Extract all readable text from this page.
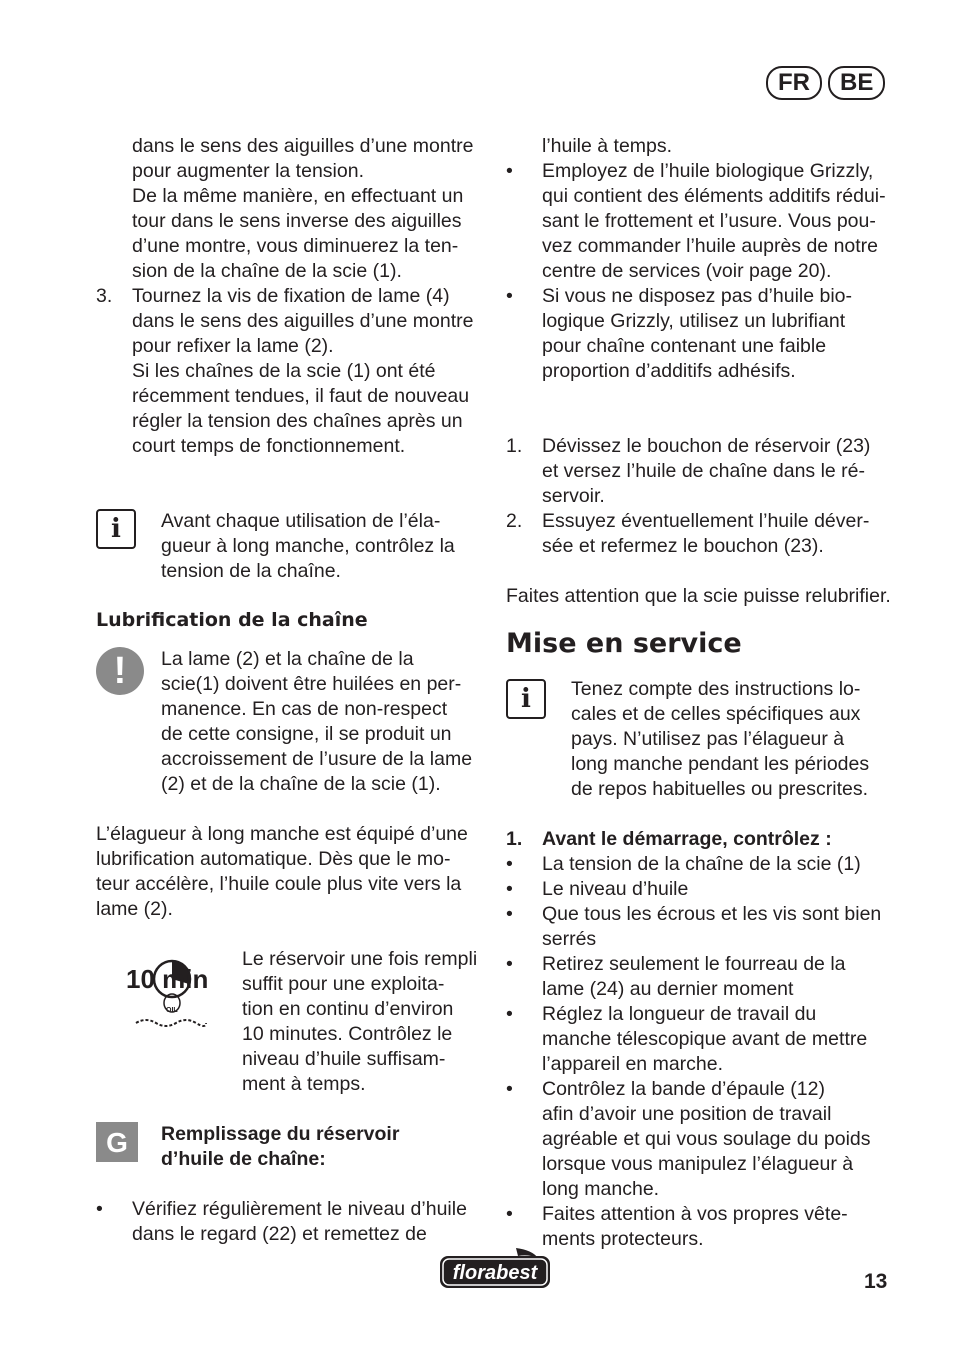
FR	BE
dans le sens des aiguilles d’une montre
pour augmenter la tension.
De la même manière, en effectuant un
tour dans le sens inverse des aiguilles
d’une montre, vous diminuerez la ten-
sion de la chaîne de la scie (1).
3.	Tournez la vis de fixation de lame (4)
dans le sens des aiguilles d’une montre
pour refixer la lame (2).
Si les chaînes de la scie (1) ont été
récemment tendues, il faut de nouveau
régler la tension des chaînes après un
court temps de fonctionnement.
i	Avant chaque utilisation de l’éla-
gueur à long manche, contrôlez la
tension de la chaîne.
Lubrification de la chaîne
!	La lame (2) et la chaîne de la
scie(1) doivent être huilées en per-
manence. En cas de non-respect
de cette consigne, il se produit un
accroissement de l’usure de la lame
(2) et de la chaîne de la scie (1).
L’élagueur à long manche est équipé d’une
lubrification automatique. Dès que le mo-
teur accélère, l’huile coule plus vite vers la
lame (2).
10 min
OIL
Le réservoir une fois rempli
suffit pour une exploita-
tion en continu d’environ
10 minutes. Contrôlez le
niveau d’huile suffisam-
ment à temps.
G	Remplissage du réservoir
d’huile de chaîne:
•	Vérifiez régulièrement le niveau d’huile
dans le regard (22) et remettez de
l’huile à temps.
•	Employez de l’huile biologique Grizzly,
qui contient des éléments additifs rédui-
sant le frottement et l’usure. Vous pou-
vez commander l’huile auprès de notre
centre de services (voir page 20).
•	Si vous ne disposez pas d’huile bio-
logique Grizzly, utilisez un lubrifiant
pour chaîne contenant une faible
proportion d’additifs adhésifs.
1.	Dévissez le bouchon de réservoir (23)
et versez l’huile de chaîne dans le ré-
servoir.
2.	Essuyez éventuellement l’huile déver-
sée et refermez le bouchon (23).
Faites attention que la scie puisse relubrifier.
Mise en service
i	Tenez compte des instructions lo-
cales et de celles spécifiques aux
pays. N’utilisez pas l’élagueur à
long manche pendant les périodes
de repos habituelles ou prescrites.
1.	Avant le démarrage, contrôlez :
•	La tension de la chaîne de la scie (1)
•	Le niveau d’huile
•	Que tous les écrous et les vis sont bien
serrés
•	Retirez seulement le fourreau de la
lame (24) au dernier moment
•	Réglez la longueur de travail du
manche télescopique avant de mettre
l’appareil en marche.
•	Contrôlez la bande d’épaule (12)
afin d’avoir une position de travail
agréable et qui vous soulage du poids
lorsque vous manipulez l’élagueur à
long manche.
•	Faites attention à vos propres vête-
ments protecteurs.
florabest	13
